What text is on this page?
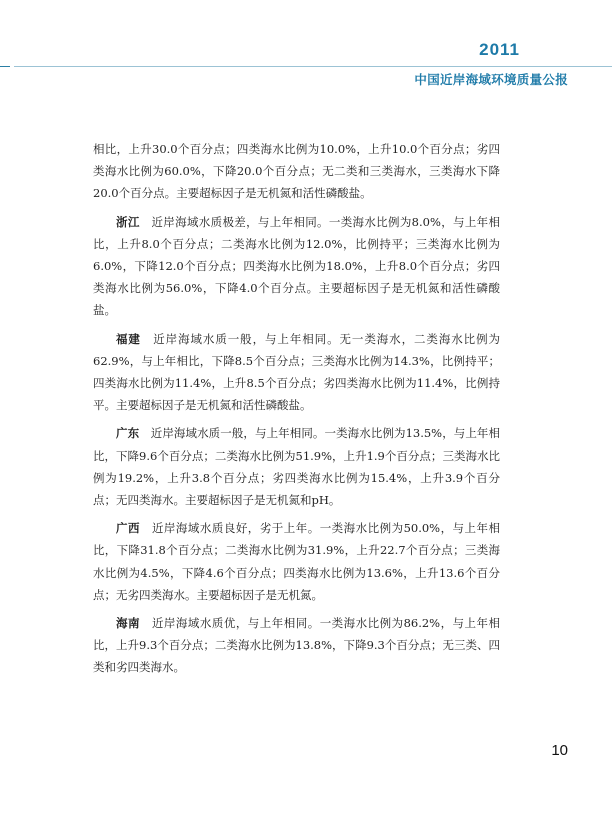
2011
中国近岸海域环境质量公报

相比，上升30.0个百分点；四类海水比例为10.0%，上升10.0个百分点；劣四类海水比例为60.0%，下降20.0个百分点；无二类和三类海水，三类海水下降20.0个百分点。主要超标因子是无机氮和活性磷酸盐。

浙江　 近岸海域水质极差，与上年相同。一类海水比例为8.0%，与上年相比，上升8.0个百分点；二类海水比例为12.0%，比例持平；三类海水比例为6.0%，下降12.0个百分点；四类海水比例为18.0%，上升8.0个百分点；劣四类海水比例为56.0%，下降4.0个百分点。主要超标因子是无机氮和活性磷酸盐。

福建　 近岸海域水质一般，与上年相同。无一类海水，二类海水比例为62.9%，与上年相比，下降8.5个百分点；三类海水比例为14.3%，比例持平；四类海水比例为11.4%，上升8.5个百分点；劣四类海水比例为11.4%，比例持平。主要超标因子是无机氮和活性磷酸盐。

广东　 近岸海域水质一般，与上年相同。一类海水比例为13.5%，与上年相比，下降9.6个百分点；二类海水比例为51.9%，上升1.9个百分点；三类海水比例为19.2%，上升3.8个百分点；劣四类海水比例为15.4%，上升3.9个百分点；无四类海水。主要超标因子是无机氮和pH。

广西　 近岸海域水质良好，劣于上年。一类海水比例为50.0%，与上年相比，下降31.8个百分点；二类海水比例为31.9%，上升22.7个百分点；三类海水比例为4.5%，下降4.6个百分点；四类海水比例为13.6%，上升13.6个百分点；无劣四类海水。主要超标因子是无机氮。

海南　 近岸海域水质优，与上年相同。一类海水比例为86.2%，与上年相比，上升9.3个百分点；二类海水比例为13.8%，下降9.3个百分点；无三类、四类和劣四类海水。

10
